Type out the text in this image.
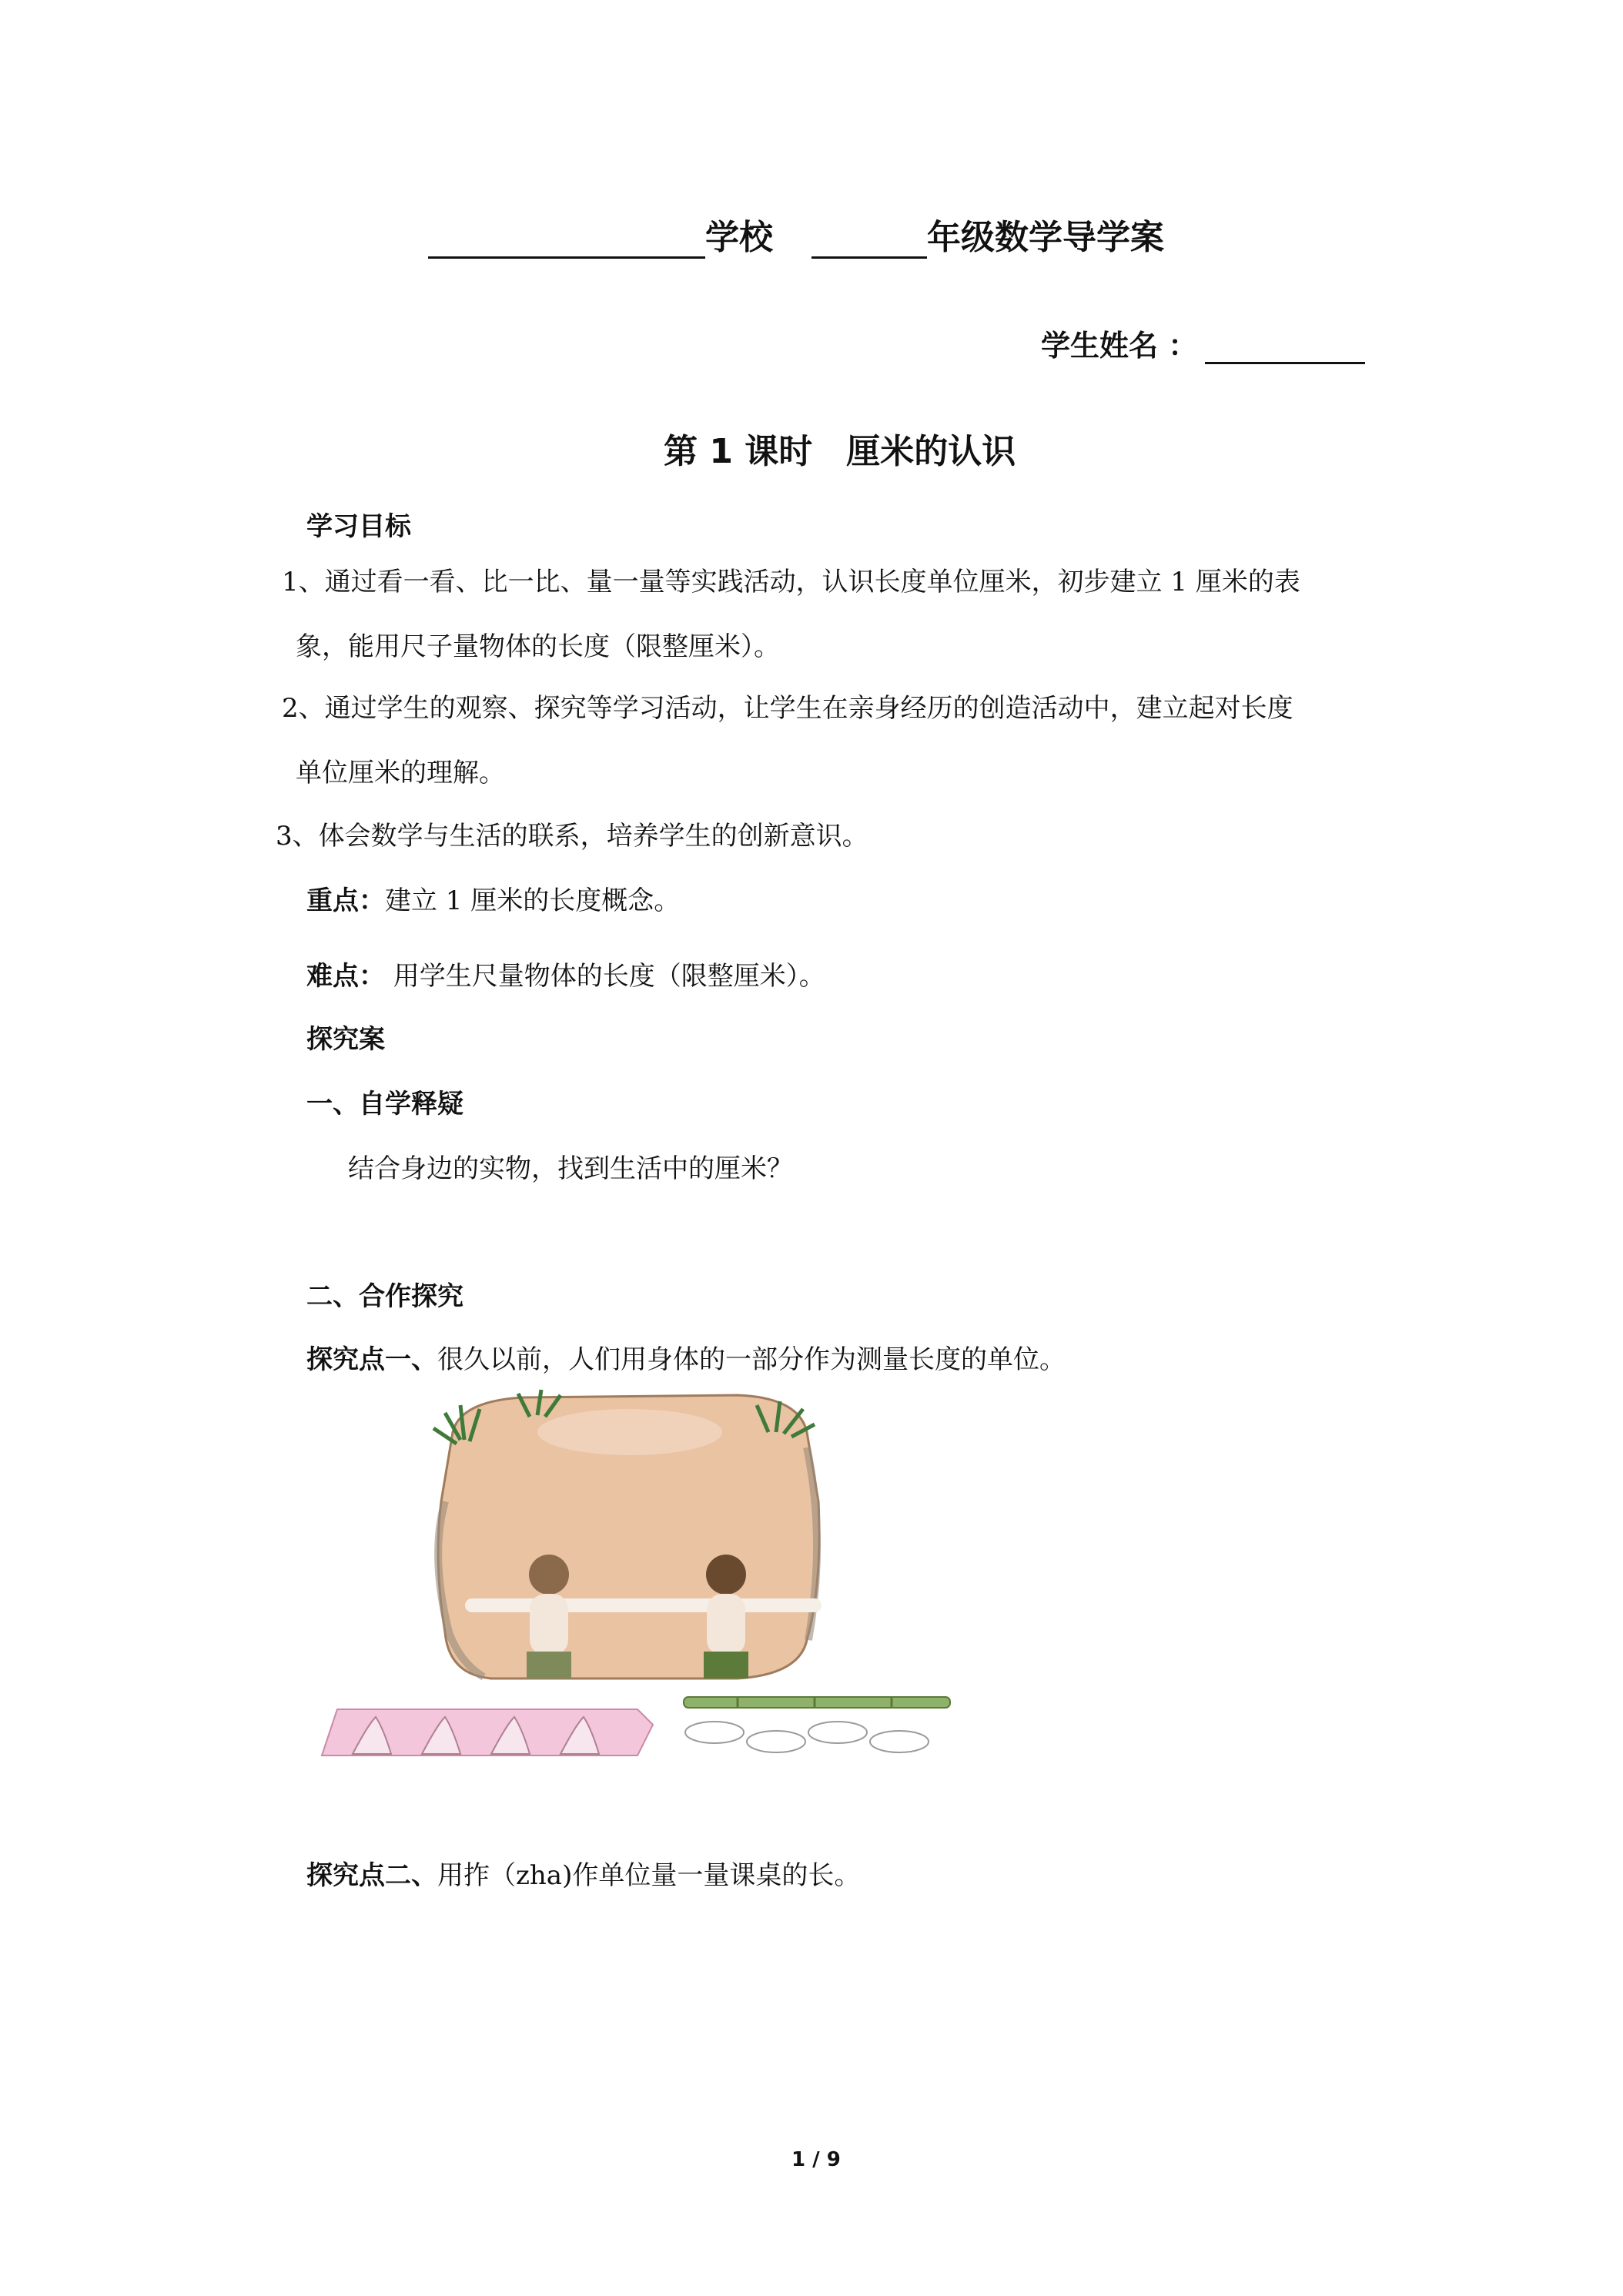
学校	年级数学导学案
学生姓名 ：
第 1 课时　厘米的认识
学习目标
1、通过看一看、比一比、量一量等实践活动，认识长度单位厘米，初步建立 1 厘米的表
象，能用尺子量物体的长度（限整厘米）。
2、通过学生的观察、探究等学习活动，让学生在亲身经历的创造活动中，建立起对长度
单位厘米的理解。
3、体会数学与生活的联系，培养学生的创新意识。
重点：建立 1 厘米的长度概念。
难点： 用学生尺量物体的长度（限整厘米）。
探究案
一、自学释疑
结合身边的实物，找到生活中的厘米？
二、合作探究
探究点一、很久以前，人们用身体的一部分作为测量长度的单位。
探究点二、用拃（zha)作单位量一量课桌的长。
1 / 9
